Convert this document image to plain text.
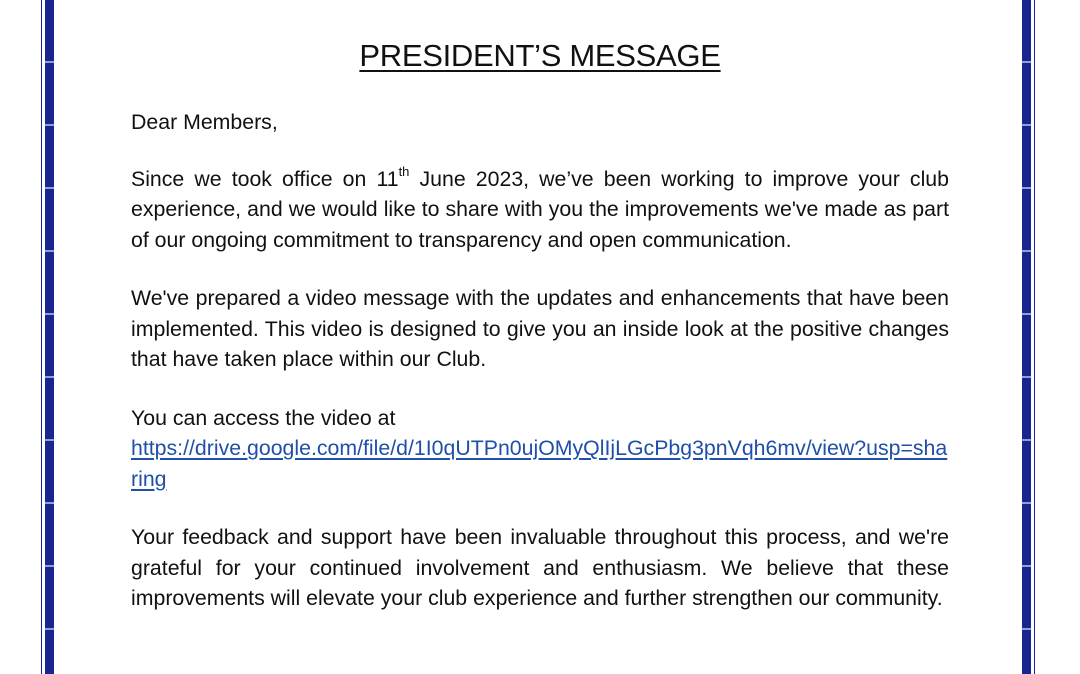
PRESIDENT’S MESSAGE

Dear Members,

Since we took office on 11th June 2023, we’ve been working to improve your club experience, and we would like to share with you the improvements we've made as part of our ongoing commitment to transparency and open communication.

We've prepared a video message with the updates and enhancements that have been implemented. This video is designed to give you an inside look at the positive changes that have taken place within our Club.

You can access the video at
https://drive.google.com/file/d/1I0qUTPn0ujOMyQlIjLGcPbg3pnVqh6mv/view?usp=sharing

Your feedback and support have been invaluable throughout this process, and we're grateful for your continued involvement and enthusiasm. We believe that these improvements will elevate your club experience and further strengthen our community.
